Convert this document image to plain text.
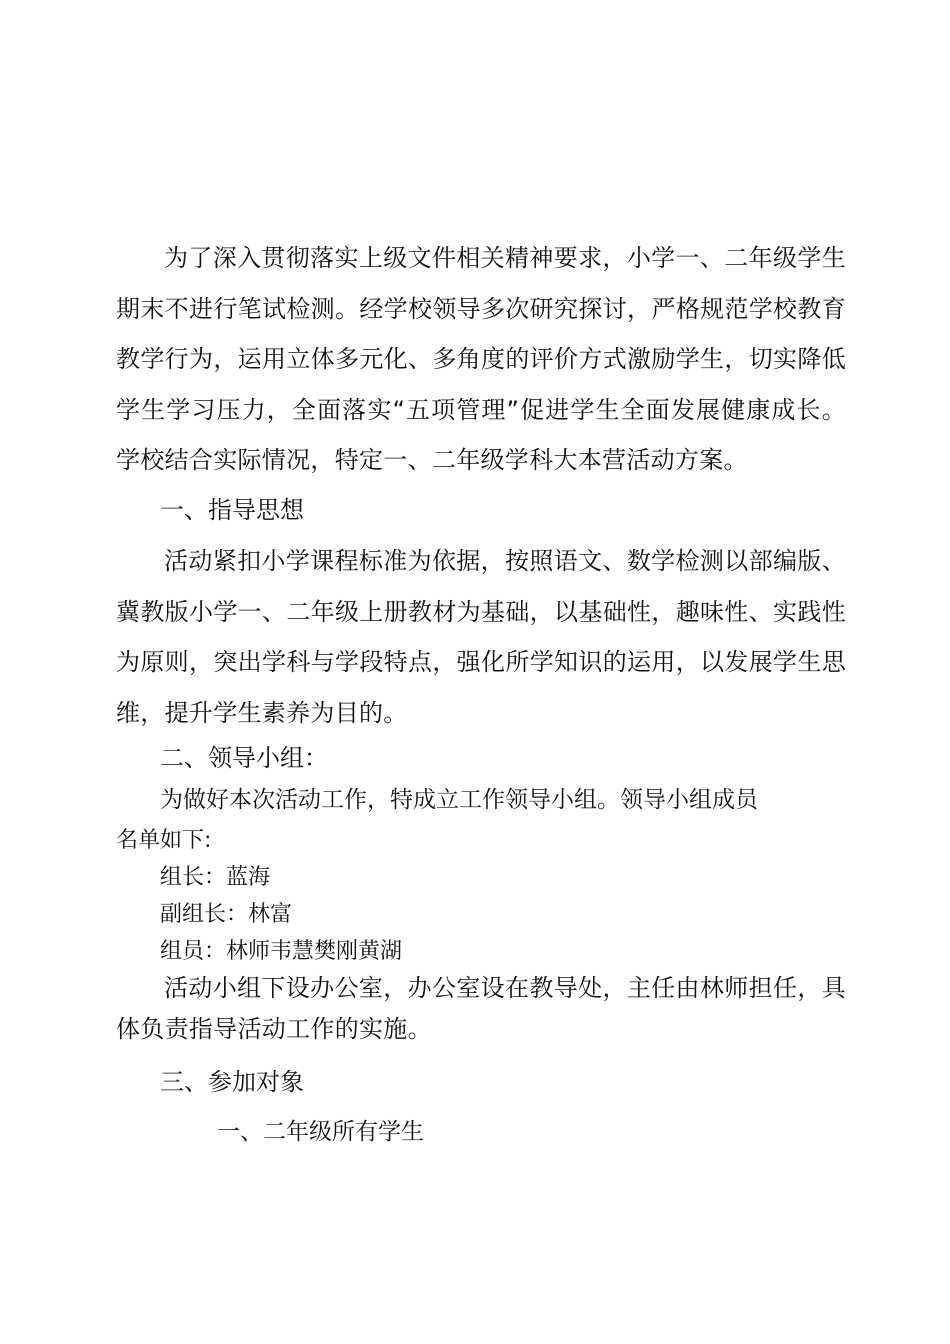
为了深入贯彻落实上级文件相关精神要求，小学一、二年级学生期末不进行笔试检测。经学校领导多次研究探讨，严格规范学校教育教学行为，运用立体多元化、多角度的评价方式激励学生，切实降低学生学习压力，全面落实“五项管理”促进学生全面发展健康成长。学校结合实际情况，特定一、二年级学科大本营活动方案。

一、指导思想

活动紧扣小学课程标准为依据，按照语文、数学检测以部编版、冀教版小学一、二年级上册教材为基础，以基础性，趣味性、实践性为原则，突出学科与学段特点，强化所学知识的运用，以发展学生思维，提升学生素养为目的。

二、领导小组：

为做好本次活动工作，特成立工作领导小组。领导小组成员

名单如下:

组长：蓝海

副组长：林富

组员：林师韦慧樊刚黄湖

活动小组下设办公室，办公室设在教导处，主任由林师担任，具体负责指导活动工作的实施。

三、参加对象

一、二年级所有学生
